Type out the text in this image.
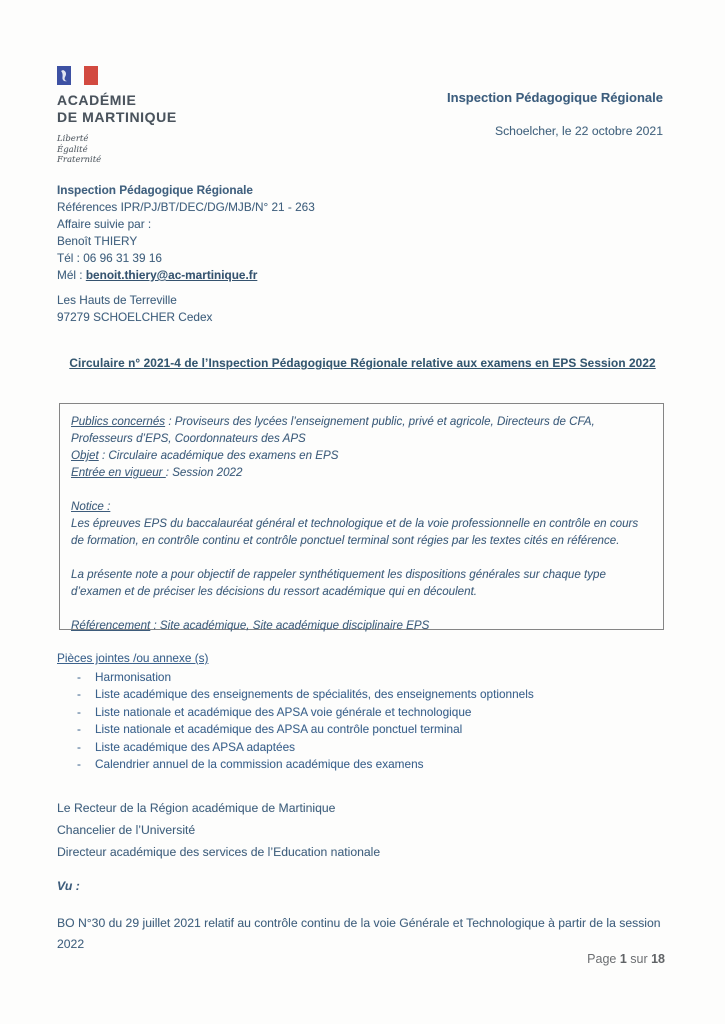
ACADÉMIE
DE MARTINIQUE
Liberté
Égalité
Fraternité
Inspection Pédagogique Régionale
Schoelcher, le 22 octobre 2021
Inspection Pédagogique Régionale
Références IPR/PJ/BT/DEC/DG/MJB/N° 21 - 263
Affaire suivie par :
Benoît THIERY
Tél : 06 96 31 39 16
Mél : benoit.thiery@ac-martinique.fr
Les Hauts de Terreville
97279 SCHOELCHER Cedex
Circulaire n° 2021-4 de l’Inspection Pédagogique Régionale relative aux examens en EPS Session 2022

Publics concernés : Proviseurs des lycées l’enseignement public, privé et agricole, Directeurs de CFA, Professeurs d’EPS, Coordonnateurs des APS

Objet : Circulaire académique des examens en EPS

Entrée en vigueur : Session 2022

Notice :

Les épreuves EPS du baccalauréat général et technologique et de la voie professionnelle en contrôle en cours de formation, en contrôle continu et contrôle ponctuel terminal sont régies par les textes cités en référence.

La présente note a pour objectif de rappeler synthétiquement les dispositions générales sur chaque type d’examen et de préciser les décisions du ressort académique qui en découlent.

Référencement : Site académique, Site académique disciplinaire EPS

Pièces jointes /ou annexe (s)
-	Harmonisation
-	Liste académique des enseignements de spécialités, des enseignements optionnels
-	Liste nationale et académique des APSA voie générale et technologique
-	Liste nationale et académique des APSA au contrôle ponctuel terminal
-	Liste académique des APSA adaptées
-	Calendrier annuel de la commission académique des examens
Le Recteur de la Région académique de Martinique
Chancelier de l’Université
Directeur académique des services de l’Education nationale
Vu :
BO N°30 du 29 juillet 2021 relatif au contrôle continu de la voie Générale et Technologique à partir de la session 2022
Page 1 sur 18
